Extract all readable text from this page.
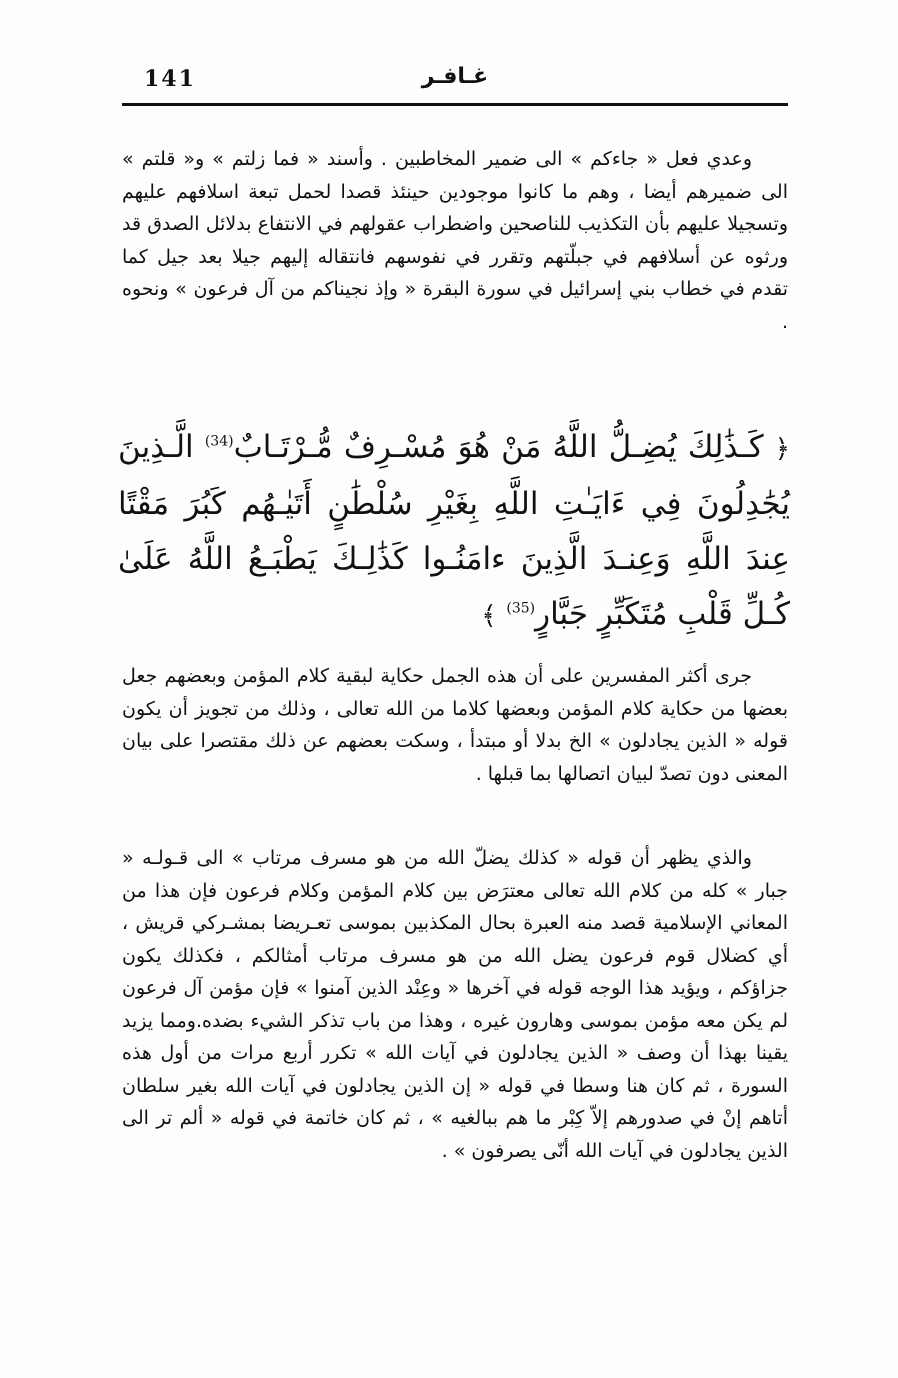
141	غـافـر

وعدي فعل « جاءكم » الى ضمير المخاطبين . وأسند « فما زلتم » و« قلتم » الى ضميرهم أيضا ، وهم ما كانوا موجودين حينئذ قصدا لحمل تبعة اسلافهم عليهم وتسجيلا عليهم بأن التكذيب للناصحين واضطراب عقولهم في الانتفاع بدلائل الصدق قد ورثوه عن أسلافهم في جبلّتهم وتقرر في نفوسهم فانتقاله إليهم جيلا بعد جيل كما تقدم في خطاب بني إسرائيل في سورة البقرة « وإذ نجيناكم من آل فرعون » ونحوه .

﴿ كَـذَٰلِكَ يُضِـلُّ اللَّهُ مَنْ هُوَ مُسْـرِفٌ مُّـرْتَـابٌ$^{(34)}$ الَّـذِينَ يُجَٰدِلُونَ فِي ءَايَـٰتِ اللَّهِ بِغَيْرِ سُلْطَٰنٍ أَتَيٰـهُم كَبُرَ مَقْتًا عِندَ اللَّهِ وَعِنـدَ الَّذِينَ ءامَنُـوا كَذَٰلِـكَ يَطْبَـعُ اللَّهُ عَلَىٰ كُـلِّ قَلْبِ مُتَكَبِّرٍ جَبَّارٍ$^{(35)}$ ﴾

جرى أكثر المفسرين على أن هذه الجمل حكاية لبقية كلام المؤمن وبعضهم جعل بعضها من حكاية كلام المؤمن وبعضها كلاما من الله تعالى ، وذلك من تجويز أن يكون قوله « الذين يجادلون » الخ بدلا أو مبتدأ ، وسكت بعضهم عن ذلك مقتصرا على بيان المعنى دون تصدّ لبيان اتصالها بما قبلها .

والذي يظهر أن قوله « كذلك يضلّ الله من هو مسرف مرتاب » الى قـولـه « جبار » كله من كلام الله تعالى معترَض بين كلام المؤمن وكلام فرعون فإن هذا من المعاني الإسلامية قصد منه العبرة بحال المكذبين بموسى تعـريضا بمشـركي قريش ، أي كضلال قوم فرعون يضل الله من هو مسرف مرتاب أمثالكم ، فكذلك يكون جزاؤكم ، ويؤيد هذا الوجه قوله في آخرها « وعِنْد الذين آمنوا » فإن مؤمن آل فرعون لم يكن معه مؤمن بموسى وهارون غيره ، وهذا من باب تذكر الشيء بضده.ومما يزيد يقينا بهذا أن وصف « الذين يجادلون في آيات الله » تكرر أربع مرات من أول هذه السورة ، ثم كان هنا وسطا في قوله « إن الذين يجادلون في آيات الله بغير سلطان أتاهم إنْ في صدورهم إلاّ كِبْر ما هم ببالغيه » ، ثم كان خاتمة في قوله « ألم تر الى الذين يجادلون في آيات الله أنّى يصرفون » .
